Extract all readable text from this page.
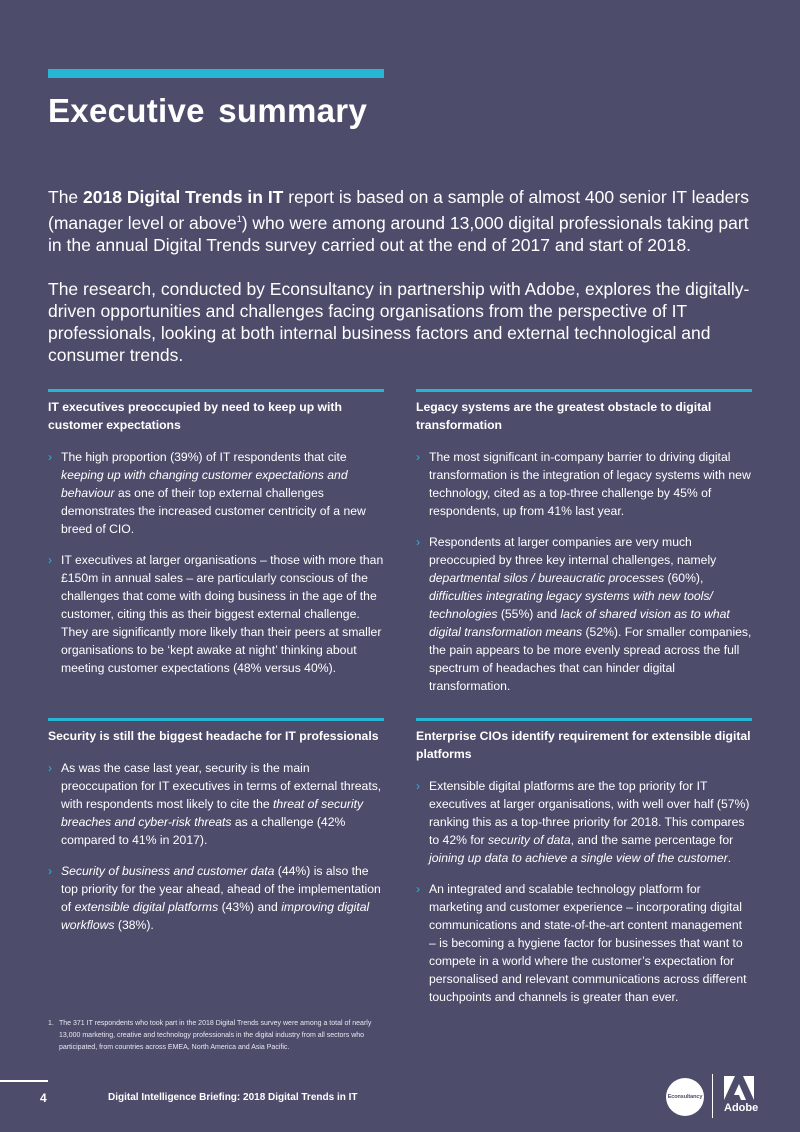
Executive summary

The 2018 Digital Trends in IT report is based on a sample of almost 400 senior IT leaders (manager level or above$^1$) who were among around 13,000 digital professionals taking part in the annual Digital Trends survey carried out at the end of 2017 and start of 2018.

The research, conducted by Econsultancy in partnership with Adobe, explores the digitally-driven opportunities and challenges facing organisations from the perspective of IT professionals, looking at both internal business factors and external technological and consumer trends.

IT executives preoccupied by need to keep up with customer expectations
› The high proportion (39%) of IT respondents that cite keeping up with changing customer expectations and behaviour as one of their top external challenges demonstrates the increased customer centricity of a new breed of CIO.
› IT executives at larger organisations – those with more than £150m in annual sales – are particularly conscious of the challenges that come with doing business in the age of the customer, citing this as their biggest external challenge. They are significantly more likely than their peers at smaller organisations to be ‘kept awake at night’ thinking about meeting customer expectations (48% versus 40%).
Legacy systems are the greatest obstacle to digital transformation
› The most significant in-company barrier to driving digital transformation is the integration of legacy systems with new technology, cited as a top-three challenge by 45% of respondents, up from 41% last year.
› Respondents at larger companies are very much preoccupied by three key internal challenges, namely departmental silos / bureaucratic processes (60%), difficulties integrating legacy systems with new tools/ technologies (55%) and lack of shared vision as to what digital transformation means (52%). For smaller companies, the pain appears to be more evenly spread across the full spectrum of headaches that can hinder digital transformation.
Security is still the biggest headache for IT professionals
› As was the case last year, security is the main preoccupation for IT executives in terms of external threats, with respondents most likely to cite the threat of security breaches and cyber-risk threats as a challenge (42% compared to 41% in 2017).
› Security of business and customer data (44%) is also the top priority for the year ahead, ahead of the implementation of extensible digital platforms (43%) and improving digital workflows (38%).
Enterprise CIOs identify requirement for extensible digital platforms
› Extensible digital platforms are the top priority for IT executives at larger organisations, with well over half (57%) ranking this as a top-three priority for 2018. This compares to 42% for security of data, and the same percentage for joining up data to achieve a single view of the customer.
› An integrated and scalable technology platform for marketing and customer experience – incorporating digital communications and state-of-the-art content management – is becoming a hygiene factor for businesses that want to compete in a world where the customer’s expectation for personalised and relevant communications across different touchpoints and channels is greater than ever.
1. The 371 IT respondents who took part in the 2018 Digital Trends survey were among a total of nearly 13,000 marketing, creative and technology professionals in the digital industry from all sectors who participated, from countries across EMEA, North America and Asia Pacific.
4	Digital Intelligence Briefing: 2018 Digital Trends in IT	Econsultancy
Adobe
